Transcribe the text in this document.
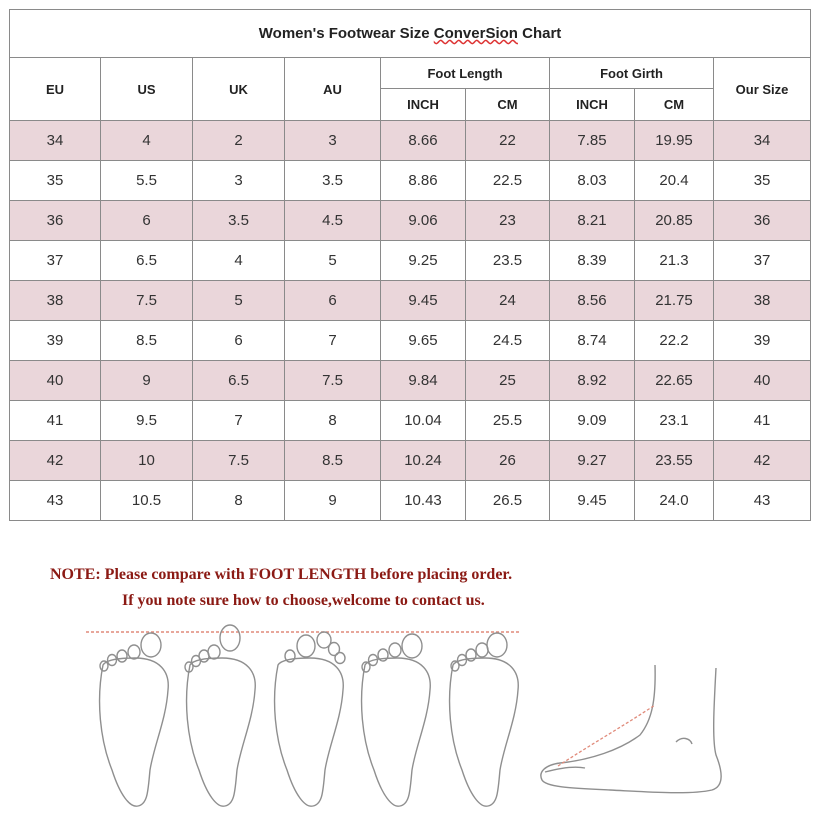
Women's Footwear Size ConverSion Chart								
EU	US	UK	AU	Foot Length		Foot Girth		Our Size
				INCH	CM	INCH	CM	
34	4	2	3	8.66	22	7.85	19.95	34
35	5.5	3	3.5	8.86	22.5	8.03	20.4	35
36	6	3.5	4.5	9.06	23	8.21	20.85	36
37	6.5	4	5	9.25	23.5	8.39	21.3	37
38	7.5	5	6	9.45	24	8.56	21.75	38
39	8.5	6	7	9.65	24.5	8.74	22.2	39
40	9	6.5	7.5	9.84	25	8.92	22.65	40
41	9.5	7	8	10.04	25.5	9.09	23.1	41
42	10	7.5	8.5	10.24	26	9.27	23.55	42
43	10.5	8	9	10.43	26.5	9.45	24.0	43
NOTE: Please compare with FOOT LENGTH before placing order.
If you note sure how to choose,welcome to contact us.
